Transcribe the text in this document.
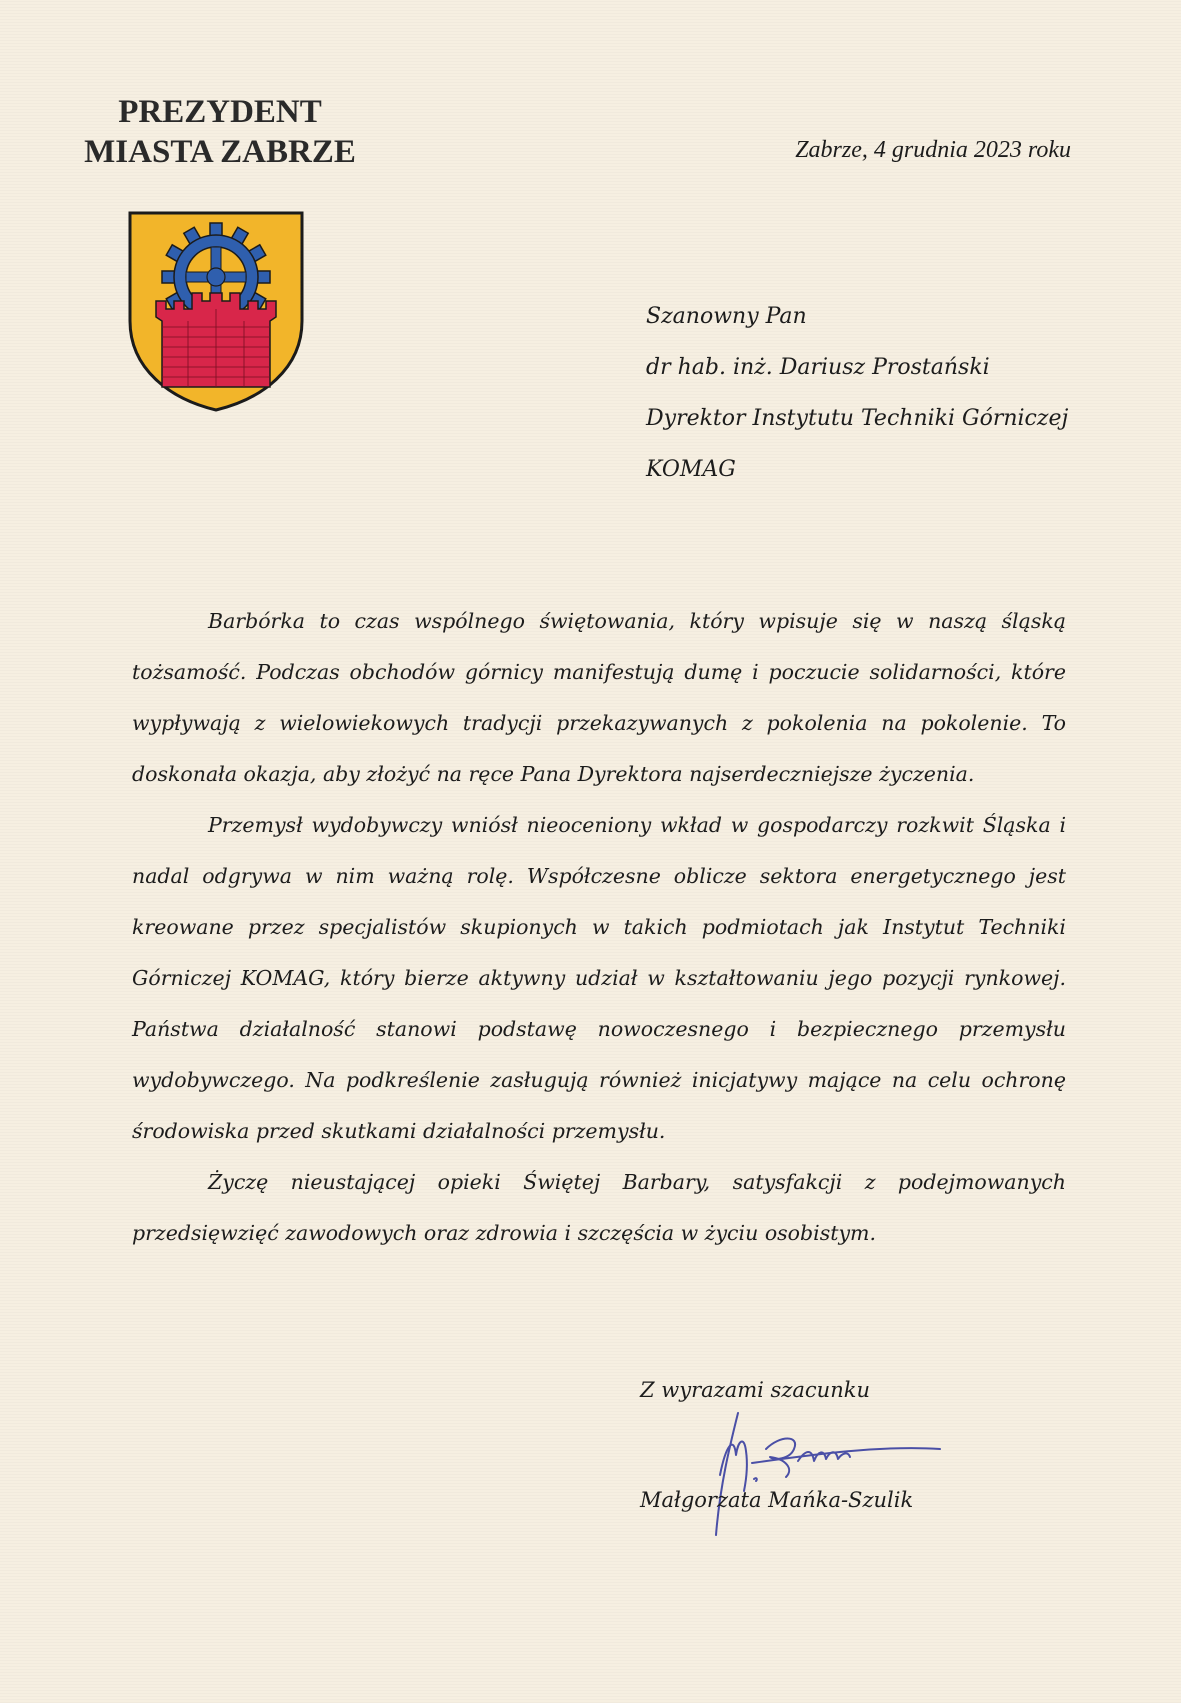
PREZYDENT
MIASTA ZABRZE	Zabrze, 4 grudnia 2023 roku
Szanowny Pan
dr hab. inż. Dariusz Prostański
Dyrektor Instytutu Techniki Górniczej
KOMAG

Barbórka to czas wspólnego świętowania, który wpisuje się w naszą śląską tożsamość. Podczas obchodów górnicy manifestują dumę i poczucie solidarności, które wypływają z wielowiekowych tradycji przekazywanych z pokolenia na pokolenie. To doskonała okazja, aby złożyć na ręce Pana Dyrektora najserdeczniejsze życzenia.

Przemysł wydobywczy wniósł nieoceniony wkład w gospodarczy rozkwit Śląska i nadal odgrywa w nim ważną rolę. Współczesne oblicze sektora energetycznego jest kreowane przez specjalistów skupionych w takich podmiotach jak Instytut Techniki Górniczej KOMAG, który bierze aktywny udział w kształtowaniu jego pozycji rynkowej. Państwa działalność stanowi podstawę nowoczesnego i bezpiecznego przemysłu wydobywczego. Na podkreślenie zasługują również inicjatywy mające na celu ochronę środowiska przed skutkami działalności przemysłu.

Życzę nieustającej opieki Świętej Barbary, satysfakcji z podejmowanych przedsięwzięć zawodowych oraz zdrowia i szczęścia w życiu osobistym.

Z wyrazami szacunku
Małgorzata Mańka-Szulik
